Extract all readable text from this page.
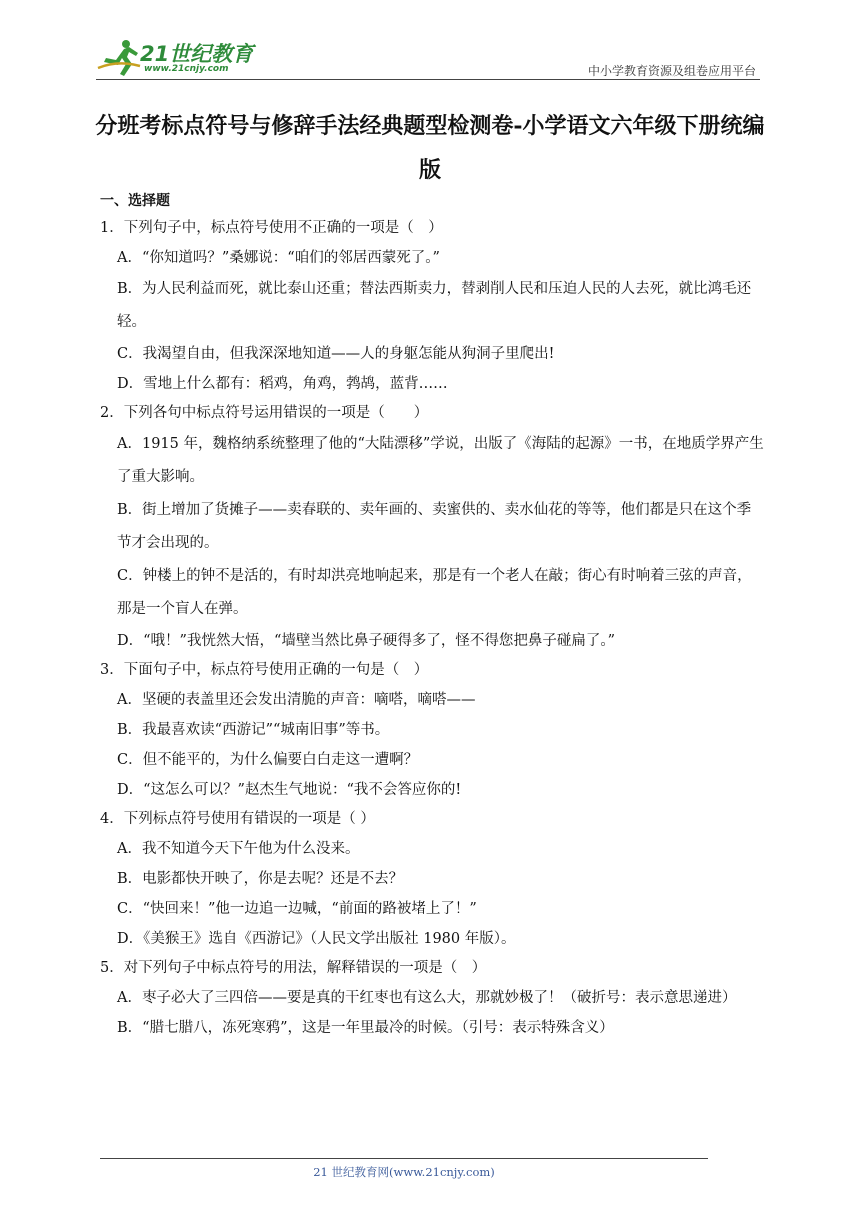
21世纪教育
www.21cnjy.com	中小学教育资源及组卷应用平台
分班考标点符号与修辞手法经典题型检测卷-小学语文六年级下册统编版
一、选择题
1．下列句子中，标点符号使用不正确的一项是（　）
A．“你知道吗？”桑娜说：“咱们的邻居西蒙死了。”
B．为人民利益而死，就比泰山还重；替法西斯卖力，替剥削人民和压迫人民的人去死，就比鸿毛还轻。
C．我渴望自由，但我深深地知道——人的身躯怎能从狗洞子里爬出!
D．雪地上什么都有：稻鸡，角鸡，鹁鸪，蓝背……
2．下列各句中标点符号运用错误的一项是（　　）
A．1915 年，魏格纳系统整理了他的“大陆漂移”学说，出版了《海陆的起源》一书，在地质学界产生了重大影响。
B．街上增加了货摊子——卖春联的、卖年画的、卖蜜供的、卖水仙花的等等，他们都是只在这个季节才会出现的。
C．钟楼上的钟不是活的，有时却洪亮地响起来，那是有一个老人在敲；街心有时响着三弦的声音，那是一个盲人在弹。
D．“哦！”我恍然大悟，“墙壁当然比鼻子硬得多了，怪不得您把鼻子碰扁了。”
3．下面句子中，标点符号使用正确的一句是（　）
A．坚硬的表盖里还会发出清脆的声音：嘀嗒，嘀嗒——
B．我最喜欢读“西游记”“城南旧事”等书。
C．但不能平的，为什么偏要白白走这一遭啊？
D．“这怎么可以？”赵杰生气地说：“我不会答应你的!
4．下列标点符号使用有错误的一项是（ ）
A．我不知道今天下午他为什么没来。
B．电影都快开映了，你是去呢？还是不去？
C．“快回来！”他一边追一边喊，“前面的路被堵上了！”
D．《美猴王》选自《西游记》（人民文学出版社 1980 年版）。
5．对下列句子中标点符号的用法，解释错误的一项是（　）
A．枣子必大了三四倍——要是真的干红枣也有这么大，那就妙极了！（破折号：表示意思递进）
B．“腊七腊八，冻死寒鸦”，这是一年里最冷的时候。（引号：表示特殊含义）
21 世纪教育网(www.21cnjy.com)
